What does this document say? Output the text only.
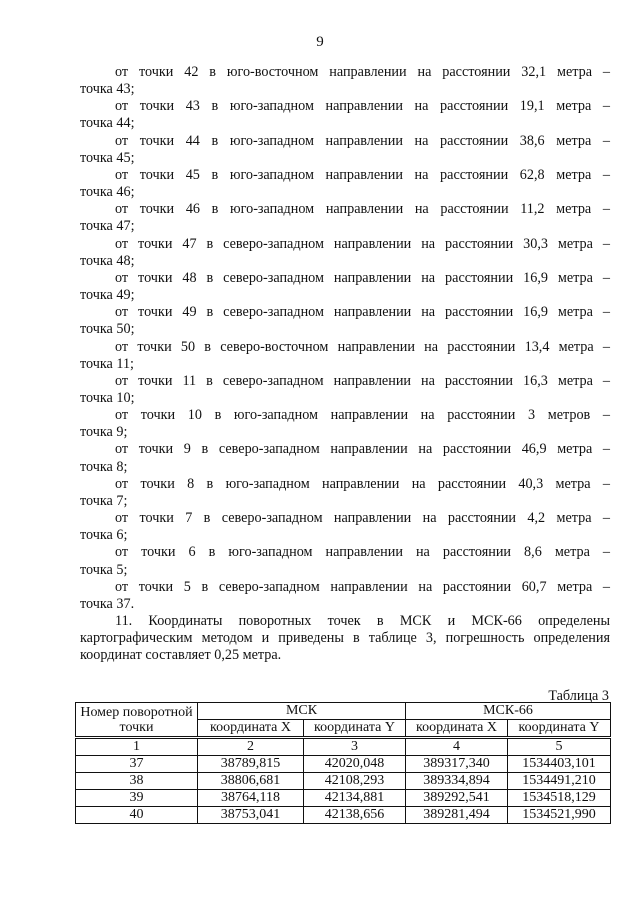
9
от точки 42 в юго-восточном направлении на расстоянии 32,1 метра –
точка 43;
от точки 43 в юго-западном направлении на расстоянии 19,1 метра –
точка 44;
от точки 44 в юго-западном направлении на расстоянии 38,6 метра –
точка 45;
от точки 45 в юго-западном направлении на расстоянии 62,8 метра –
точка 46;
от точки 46 в юго-западном направлении на расстоянии 11,2 метра –
точка 47;
от точки 47 в северо-западном направлении на расстоянии 30,3 метра –
точка 48;
от точки 48 в северо-западном направлении на расстоянии 16,9 метра –
точка 49;
от точки 49 в северо-западном направлении на расстоянии 16,9 метра –
точка 50;
от точки 50 в северо-восточном направлении на расстоянии 13,4 метра –
точка 11;
от точки 11 в северо-западном направлении на расстоянии 16,3 метра –
точка 10;
от точки 10 в юго-западном направлении на расстоянии 3 метров –
точка 9;
от точки 9 в северо-западном направлении на расстоянии 46,9 метра –
точка 8;
от точки 8 в юго-западном направлении на расстоянии 40,3 метра –
точка 7;
от точки 7 в северо-западном направлении на расстоянии 4,2 метра –
точка 6;
от точки 6 в юго-западном направлении на расстоянии 8,6 метра –
точка 5;
от точки 5 в северо-западном направлении на расстоянии 60,7 метра –
точка 37.

11. Координаты поворотных точек в МСК и МСК-66 определены картографическим методом и приведены в таблице 3, погрешность определения координат составляет 0,25 метра.

Таблица 3
Номер поворотной точки	МСК		МСК-66	
	координата X	координата Y	координата X	координата Y
1	2	3	4	5
37	38789,815	42020,048	389317,340	1534403,101
38	38806,681	42108,293	389334,894	1534491,210
39	38764,118	42134,881	389292,541	1534518,129
40	38753,041	42138,656	389281,494	1534521,990
